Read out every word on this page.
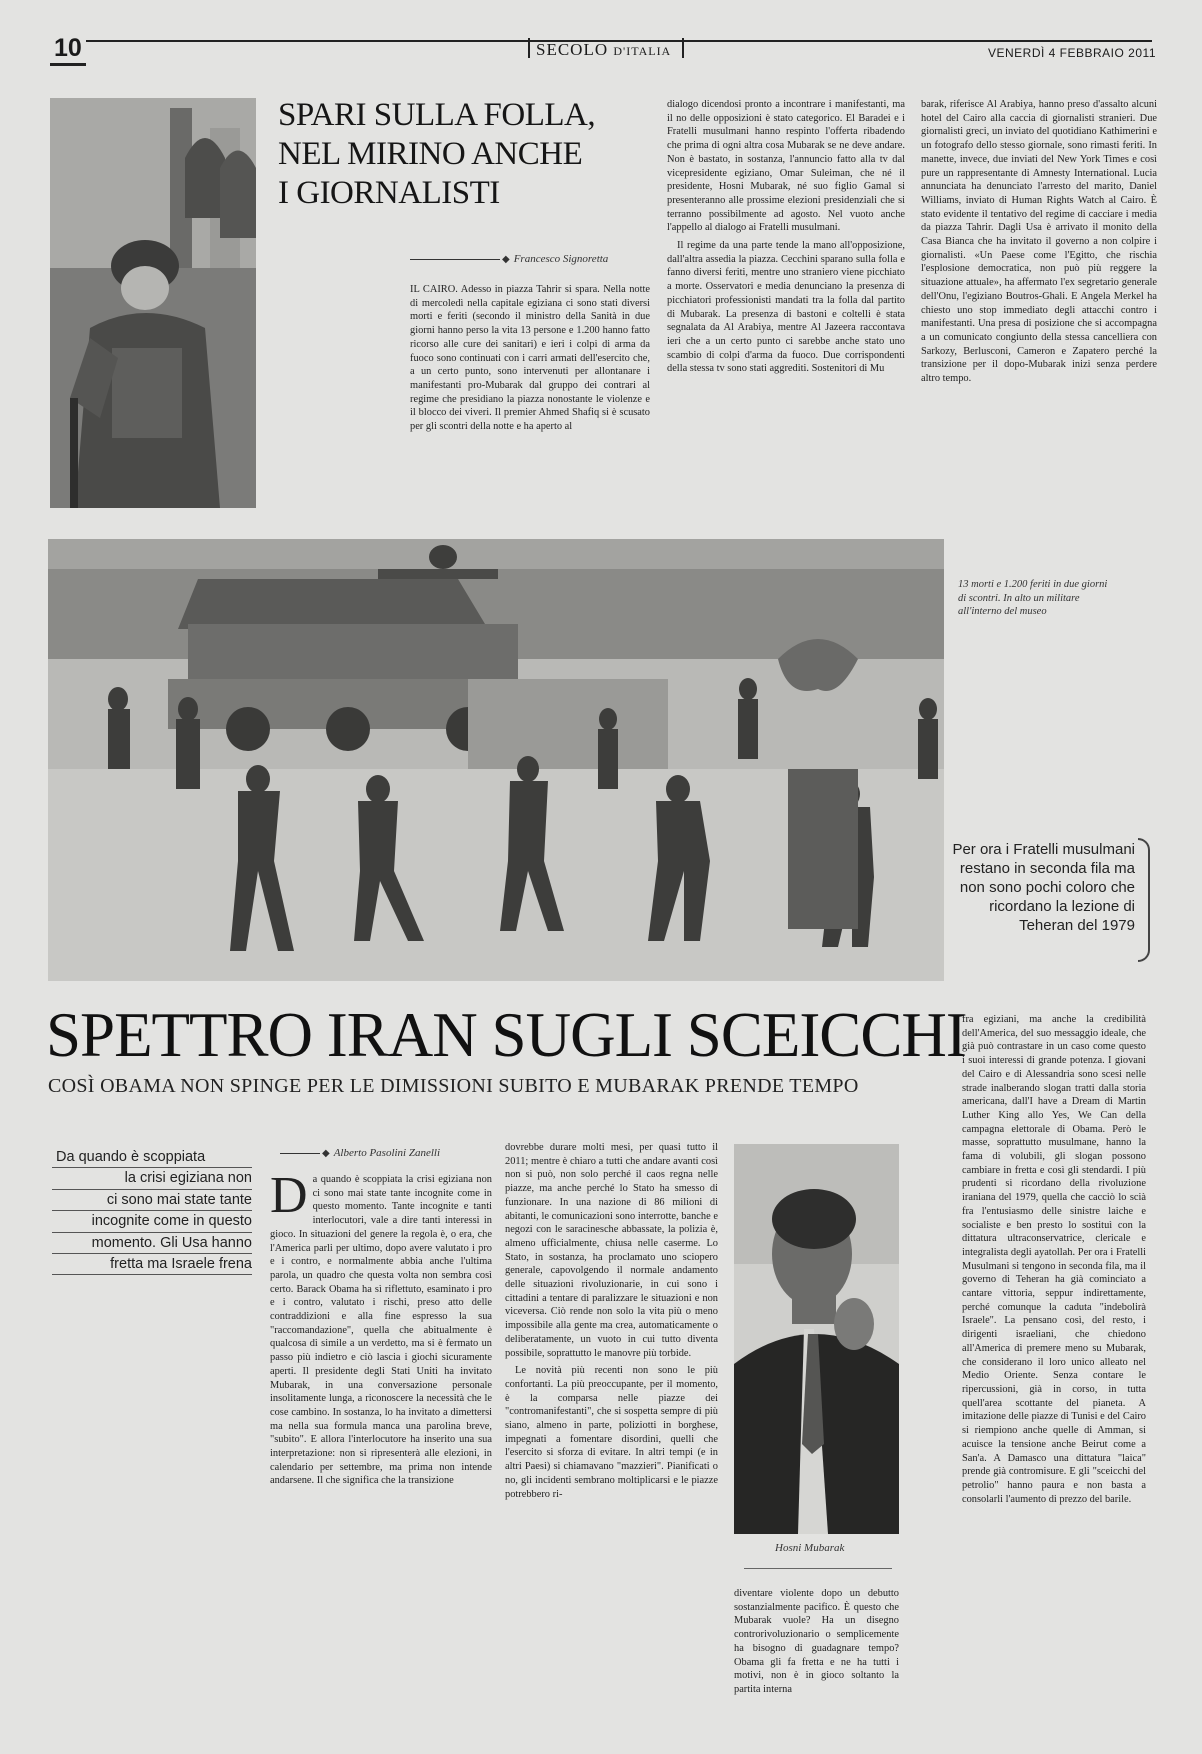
10	SECOLO D'ITALIA	VENERDÌ 4 FEBBRAIO 2011
SPARI SULLA FOLLA,
NEL MIRINO ANCHE
I GIORNALISTI
◆ Francesco Signoretta

IL CAIRO. Adesso in piazza Tahrir si spara. Nella notte di mercoledì nella capitale egiziana ci sono stati diversi morti e feriti (secondo il ministro della Sanità in due giorni hanno perso la vita 13 persone e 1.200 hanno fatto ricorso alle cure dei sanitari) e ieri i colpi di arma da fuoco sono continuati con i carri armati dell'esercito che, a un certo punto, sono intervenuti per allontanare i manifestanti pro-Mubarak dal gruppo dei contrari al regime che presidiano la piazza nonostante le violenze e il blocco dei viveri. Il premier Ahmed Shafiq si è scusato per gli scontri della notte e ha aperto al

dialogo dicendosi pronto a incontrare i manifestanti, ma il no delle opposizioni è stato categorico. El Baradei e i Fratelli musulmani hanno respinto l'offerta ribadendo che prima di ogni altra cosa Mubarak se ne deve andare. Non è bastato, in sostanza, l'annuncio fatto alla tv dal vicepresidente egiziano, Omar Suleiman, che né il presidente, Hosni Mubarak, né suo figlio Gamal si presenteranno alle prossime elezioni presidenziali che si terranno possibilmente ad agosto. Nel vuoto anche l'appello al dialogo ai Fratelli musulmani.

Il regime da una parte tende la mano all'opposizione, dall'altra assedia la piazza. Cecchini sparano sulla folla e fanno diversi feriti, mentre uno straniero viene picchiato a morte. Osservatori e media denunciano la presenza di picchiatori professionisti mandati tra la folla dal partito di Mubarak. La presenza di bastoni e coltelli è stata segnalata da Al Arabiya, mentre Al Jazeera raccontava ieri che a un certo punto ci sarebbe anche stato uno scambio di colpi d'arma da fuoco. Due corrispondenti della stessa tv sono stati aggrediti. Sostenitori di Mu

barak, riferisce Al Arabiya, hanno preso d'assalto alcuni hotel del Cairo alla caccia di giornalisti stranieri. Due giornalisti greci, un inviato del quotidiano Kathimerini e un fotografo dello stesso giornale, sono rimasti feriti. In manette, invece, due inviati del New York Times e così pure un rappresentante di Amnesty International. Lucia annunciata ha denunciato l'arresto del marito, Daniel Williams, inviato di Human Rights Watch al Cairo. È stato evidente il tentativo del regime di cacciare i media da piazza Tahrir. Dagli Usa è arrivato il monito della Casa Bianca che ha invitato il governo a non colpire i giornalisti. «Un Paese come l'Egitto, che rischia l'esplosione democratica, non può più reggere la situazione attuale», ha affermato l'ex segretario generale dell'Onu, l'egiziano Boutros-Ghali. E Angela Merkel ha chiesto uno stop immediato degli attacchi contro i manifestanti. Una presa di posizione che si accompagna a un comunicato congiunto della stessa cancelliera con Sarkozy, Berlusconi, Cameron e Zapatero perché la transizione per il dopo-Mubarak inizi senza perdere altro tempo.

13 morti e 1.200 feriti in due giorni di scontri. In alto un militare all'interno del museo
Per ora i Fratelli musulmani restano in seconda fila ma non sono pochi coloro che ricordano la lezione di Teheran del 1979
SPETTRO IRAN SUGLI SCEICCHI
COSÌ OBAMA NON SPINGE PER LE DIMISSIONI SUBITO E MUBARAK PRENDE TEMPO
Da quando è scoppiata
la crisi egiziana non
ci sono mai state tante
incognite come in questo
momento. Gli Usa hanno
fretta ma Israele frena
◆ Alberto Pasolini Zanelli
D a quando è scoppiata la crisi egiziana non ci sono mai state tante incognite come in questo momento. Tante incognite e tanti interlocutori, vale a dire tanti interessi in gioco. In situazioni del genere la regola è, o era, che l'America parli per ultimo, dopo avere valutato i pro e i contro, e normalmente abbia anche l'ultima parola, un quadro che questa volta non sembra così certo. Barack Obama ha sì riflettuto, esaminato i pro e i contro, valutato i rischi, preso atto delle contraddizioni e alla fine espresso la sua "raccomandazione", quella che abitualmente è qualcosa di simile a un verdetto, ma si è fermato un passo più indietro e ciò lascia i giochi sicuramente aperti. Il presidente degli Stati Uniti ha invitato Mubarak, in una conversazione personale insolitamente lunga, a riconoscere la necessità che le cose cambino. In sostanza, lo ha invitato a dimettersi ma nella sua formula manca una parolina breve, "subito". E allora l'interlocutore ha inserito una sua interpretazione: non si ripresenterà alle elezioni, in calendario per settembre, ma prima non intende andarsene. Il che significa che la transizione

dovrebbe durare molti mesi, per quasi tutto il 2011; mentre è chiaro a tutti che andare avanti così non si può, non solo perché il caos regna nelle piazze, ma anche perché lo Stato ha smesso di funzionare. In una nazione di 86 milioni di abitanti, le comunicazioni sono interrotte, banche e negozi con le saracinesche abbassate, la polizia è, almeno ufficialmente, chiusa nelle caserme. Lo Stato, in sostanza, ha proclamato uno sciopero generale, capovolgendo il normale andamento delle situazioni rivoluzionarie, in cui sono i cittadini a tentare di paralizzare le situazioni e non viceversa. Ciò rende non solo la vita più o meno impossibile alla gente ma crea, automaticamente o deliberatamente, un vuoto in cui tutto diventa possibile, soprattutto le manovre più torbide.

Le novità più recenti non sono le più confortanti. La più preoccupante, per il momento, è la comparsa nelle piazze dei "contromanifestanti", che si sospetta sempre di più siano, almeno in parte, poliziotti in borghese, impegnati a fomentare disordini, quelli che l'esercito si sforza di evitare. In altri tempi (e in altri Paesi) si chiamavano "mazzieri". Pianificati o no, gli incidenti sembrano moltiplicarsi e le piazze potrebbero ri-

Hosni Mubarak

diventare violente dopo un debutto sostanzialmente pacifico. È questo che Mubarak vuole? Ha un disegno controrivoluzionario o semplicemente ha bisogno di guadagnare tempo? Obama gli fa fretta e ne ha tutti i motivi, non è in gioco soltanto la partita interna

fra egiziani, ma anche la credibilità dell'America, del suo messaggio ideale, che già può contrastare in un caso come questo i suoi interessi di grande potenza. I giovani del Cairo e di Alessandria sono scesi nelle strade inalberando slogan tratti dalla storia americana, dall'I have a Dream di Martin Luther King allo Yes, We Can della campagna elettorale di Obama. Però le masse, soprattutto musulmane, hanno la fama di volubili, gli slogan possono cambiare in fretta e così gli stendardi. I più prudenti si ricordano della rivoluzione iraniana del 1979, quella che cacciò lo scià fra l'entusiasmo delle sinistre laiche e socialiste e ben presto lo sostituì con la dittatura ultraconservatrice, clericale e integralista degli ayatollah. Per ora i Fratelli Musulmani si tengono in seconda fila, ma il governo di Teheran ha già cominciato a cantare vittoria, seppur indirettamente, perché comunque la caduta "indebolirà Israele". La pensano così, del resto, i dirigenti israeliani, che chiedono all'America di premere meno su Mubarak, che considerano il loro unico alleato nel Medio Oriente. Senza contare le ripercussioni, già in corso, in tutta quell'area scottante del pianeta. A imitazione delle piazze di Tunisi e del Cairo si riempiono anche quelle di Amman, si acuisce la tensione anche Beirut come a San'a. A Damasco una dittatura "laica" prende già contromisure. E gli "sceicchi del petrolio" hanno paura e non basta a consolarli l'aumento di prezzo del barile.
